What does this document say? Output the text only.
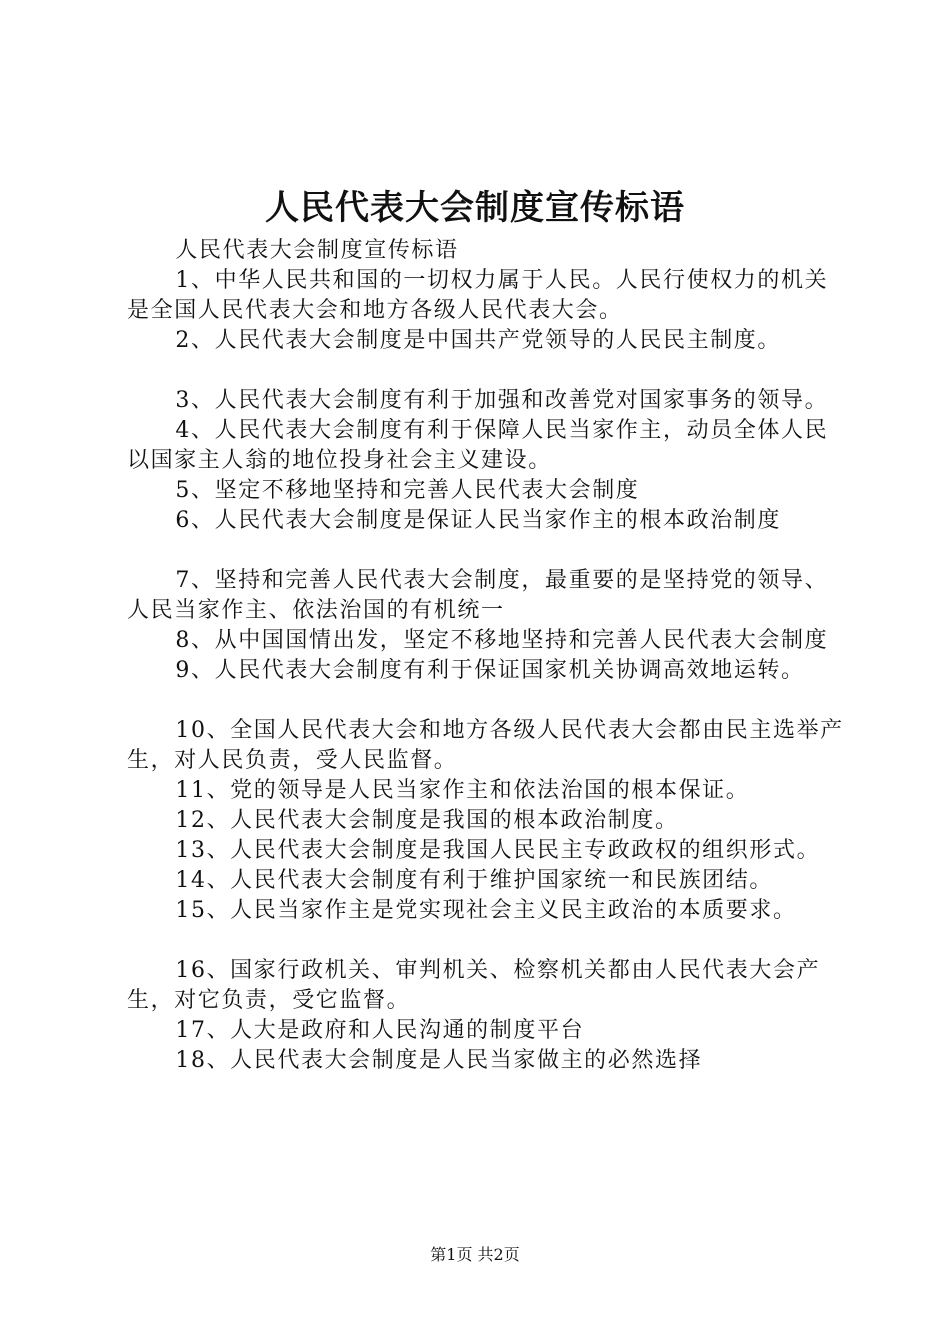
人民代表大会制度宣传标语

人民代表大会制度宣传标语

1、中华人民共和国的一切权力属于人民。人民行使权力的机关是全国人民代表大会和地方各级人民代表大会。

2、人民代表大会制度是中国共产党领导的人民民主制度。

3、人民代表大会制度有利于加强和改善党对国家事务的领导。

4、人民代表大会制度有利于保障人民当家作主，动员全体人民以国家主人翁的地位投身社会主义建设。

5、坚定不移地坚持和完善人民代表大会制度

6、人民代表大会制度是保证人民当家作主的根本政治制度

7、坚持和完善人民代表大会制度，最重要的是坚持党的领导、人民当家作主、依法治国的有机统一

8、从中国国情出发，坚定不移地坚持和完善人民代表大会制度

9、人民代表大会制度有利于保证国家机关协调高效地运转。

10、全国人民代表大会和地方各级人民代表大会都由民主选举产生，对人民负责，受人民监督。

11、党的领导是人民当家作主和依法治国的根本保证。

12、人民代表大会制度是我国的根本政治制度。

13、人民代表大会制度是我国人民民主专政政权的组织形式。

14、人民代表大会制度有利于维护国家统一和民族团结。

15、人民当家作主是党实现社会主义民主政治的本质要求。

16、国家行政机关、审判机关、检察机关都由人民代表大会产生，对它负责，受它监督。

17、人大是政府和人民沟通的制度平台

18、人民代表大会制度是人民当家做主的必然选择

第1页 共2页
